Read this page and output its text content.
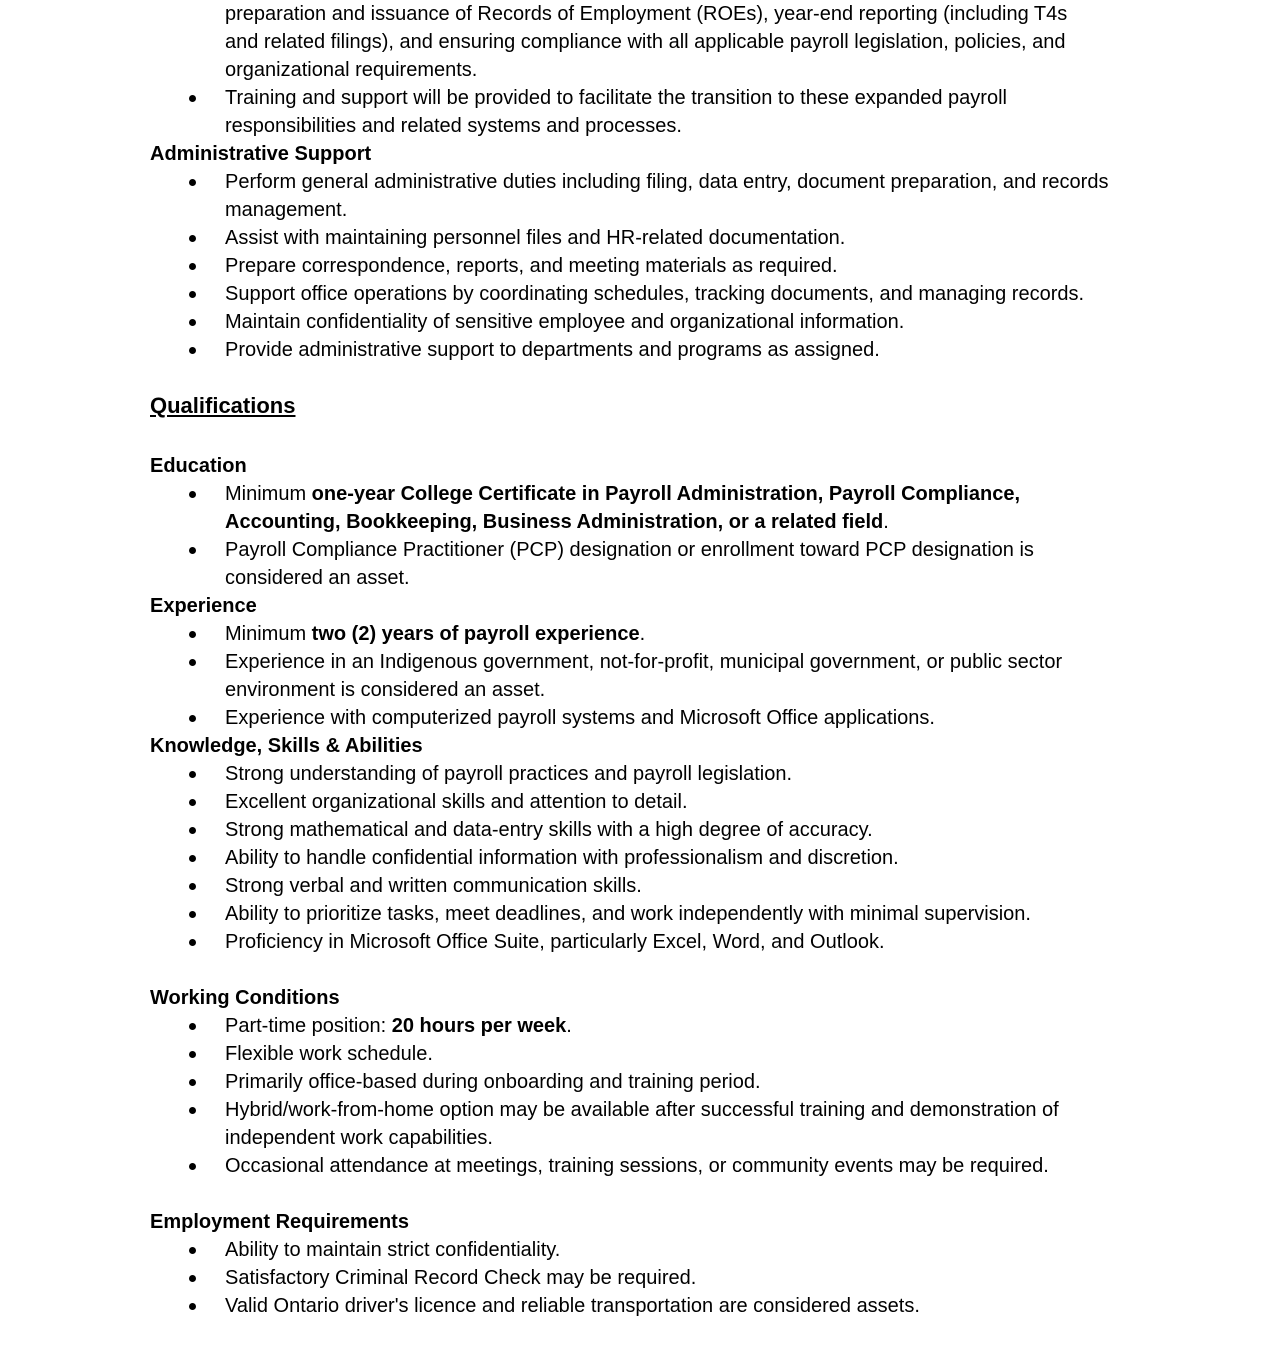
preparation and issuance of Records of Employment (ROEs), year-end reporting (including T4s
and related filings), and ensuring compliance with all applicable payroll legislation, policies, and
organizational requirements.
Training and support will be provided to facilitate the transition to these expanded payroll responsibilities and related systems and processes.
Administrative Support
Perform general administrative duties including filing, data entry, document preparation, and records management.
Assist with maintaining personnel files and HR-related documentation.
Prepare correspondence, reports, and meeting materials as required.
Support office operations by coordinating schedules, tracking documents, and managing records.
Maintain confidentiality of sensitive employee and organizational information.
Provide administrative support to departments and programs as assigned.
Qualifications
Education
Minimum one-year College Certificate in Payroll Administration, Payroll Compliance, Accounting, Bookkeeping, Business Administration, or a related field.
Payroll Compliance Practitioner (PCP) designation or enrollment toward PCP designation is considered an asset.
Experience
Minimum two (2) years of payroll experience.
Experience in an Indigenous government, not-for-profit, municipal government, or public sector environment is considered an asset.
Experience with computerized payroll systems and Microsoft Office applications.
Knowledge, Skills & Abilities
Strong understanding of payroll practices and payroll legislation.
Excellent organizational skills and attention to detail.
Strong mathematical and data-entry skills with a high degree of accuracy.
Ability to handle confidential information with professionalism and discretion.
Strong verbal and written communication skills.
Ability to prioritize tasks, meet deadlines, and work independently with minimal supervision.
Proficiency in Microsoft Office Suite, particularly Excel, Word, and Outlook.
Working Conditions
Part-time position: 20 hours per week.
Flexible work schedule.
Primarily office-based during onboarding and training period.
Hybrid/work-from-home option may be available after successful training and demonstration of independent work capabilities.
Occasional attendance at meetings, training sessions, or community events may be required.
Employment Requirements
Ability to maintain strict confidentiality.
Satisfactory Criminal Record Check may be required.
Valid Ontario driver's licence and reliable transportation are considered assets.
